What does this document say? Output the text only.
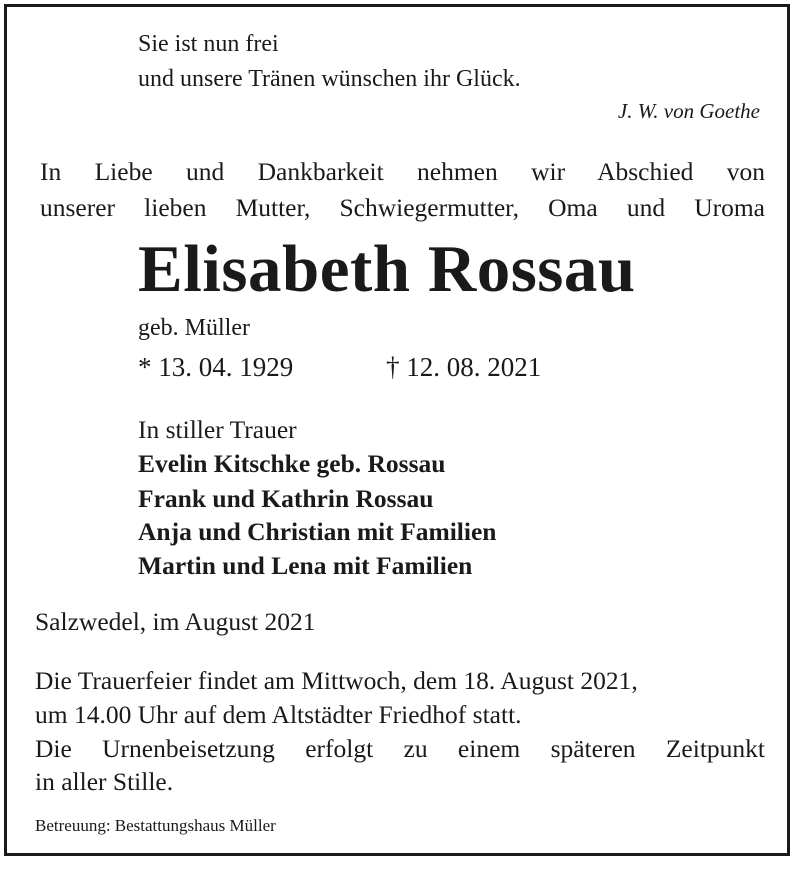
Sie ist nun frei
und unsere Tränen wünschen ihr Glück.
J. W. von Goethe
In Liebe und Dankbarkeit nehmen wir Abschied von
unserer lieben Mutter, Schwiegermutter, Oma und Uroma
Elisabeth Rossau
geb. Müller
* 13. 04. 1929	† 12. 08. 2021
In stiller Trauer
Evelin Kitschke geb. Rossau
Frank und Kathrin Rossau
Anja und Christian mit Familien
Martin und Lena mit Familien
Salzwedel, im August 2021
Die Trauerfeier findet am Mittwoch, dem 18. August 2021,
um 14.00 Uhr auf dem Altstädter Friedhof statt.
Die Urnenbeisetzung erfolgt zu einem späteren Zeitpunkt
in aller Stille.
Betreuung: Bestattungshaus Müller
